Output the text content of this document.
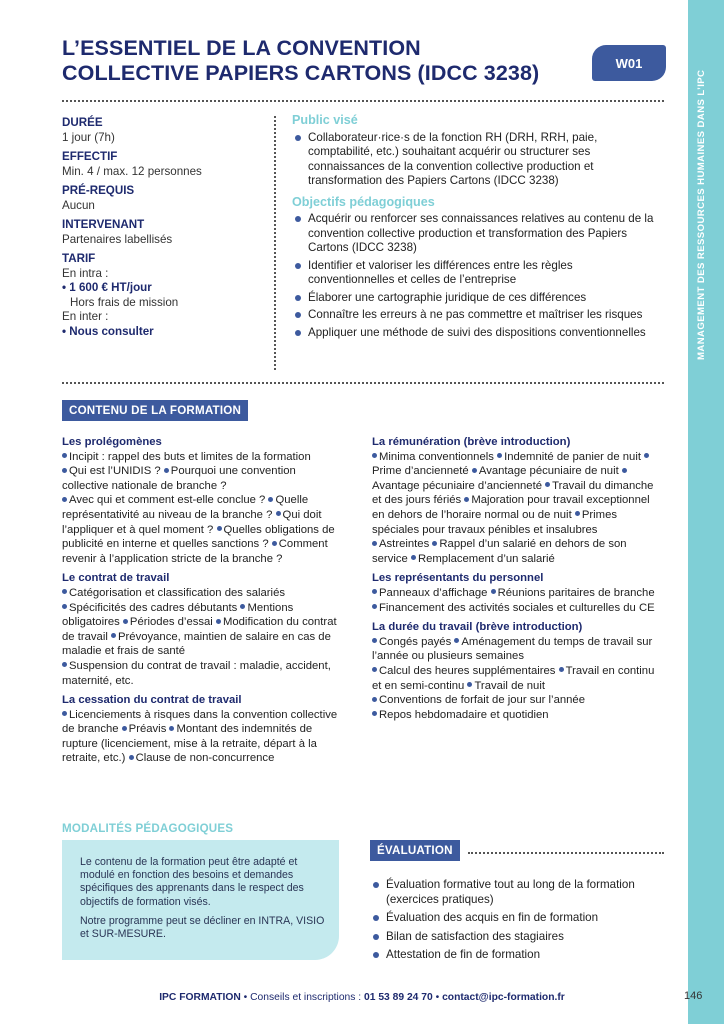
MANAGEMENT DES RESSOURCES HUMAINES DANS L’IPC
L’ESSENTIEL DE LA CONVENTION
COLLECTIVE PAPIERS CARTONS (IDCC 3238)	W01
DURÉE
1 jour (7h)
EFFECTIF
Min. 4 / max. 12 personnes
PRÉ-REQUIS
Aucun
INTERVENANT
Partenaires labellisés
TARIF
En intra :
• 1 600 € HT/jour
Hors frais de mission
En inter :
• Nous consulter
Public visé
Collaborateur·rice·s de la fonction RH (DRH, RRH, paie, comptabilité, etc.) souhaitant acquérir ou structurer ses connaissances de la convention collective production et transformation des Papiers Cartons (IDCC 3238)
Objectifs pédagogiques
Acquérir ou renforcer ses connaissances relatives au contenu de la convention collective production et transformation des Papiers Cartons (IDCC 3238)
Identifier et valoriser les différences entre les règles conventionnelles et celles de l’entreprise
Élaborer une cartographie juridique de ces différences
Connaître les erreurs à ne pas commettre et maîtriser les risques
Appliquer une méthode de suivi des dispositions conventionnelles
CONTENU DE LA FORMATION
Les prolégomènes

Incipit : rappel des buts et limites de la formation
Qui est l’UNIDIS ? Pourquoi une convention collective nationale de branche ?
Avec qui et comment est-elle conclue ? Quelle représentativité au niveau de la branche ? Qui doit l’appliquer et à quel moment ? Quelles obligations de publicité en interne et quelles sanctions ? Comment revenir à l’application stricte de la branche ?

Le contrat de travail

Catégorisation et classification des salariés
Spécificités des cadres débutants Mentions obligatoires Périodes d’essai Modification du contrat de travail Prévoyance, maintien de salaire en cas de maladie et frais de santé
Suspension du contrat de travail : maladie, accident, maternité, etc.

La cessation du contrat de travail

Licenciements à risques dans la convention collective de branche Préavis Montant des indemnités de rupture (licenciement, mise à la retraite, départ à la retraite, etc.) Clause de non-concurrence

La rémunération (brève introduction)

Minima conventionnels Indemnité de panier de nuit Prime d’ancienneté Avantage pécuniaire de nuit Avantage pécuniaire d’ancienneté Travail du dimanche et des jours fériés Majoration pour travail exceptionnel en dehors de l’horaire normal ou de nuit Primes spéciales pour travaux pénibles et insalubres
Astreintes Rappel d’un salarié en dehors de son service Remplacement d’un salarié

Les représentants du personnel

Panneaux d’affichage Réunions paritaires de branche Financement des activités sociales et culturelles du CE

La durée du travail (brève introduction)

Congés payés Aménagement du temps de travail sur l’année ou plusieurs semaines
Calcul des heures supplémentaires Travail en continu et en semi-continu Travail de nuit
Conventions de forfait de jour sur l’année
Repos hebdomadaire et quotidien

MODALITÉS PÉDAGOGIQUES

Le contenu de la formation peut être adapté et modulé en fonction des besoins et demandes spécifiques des apprenants dans le respect des objectifs de formation visés.

Notre programme peut se décliner en INTRA, VISIO et SUR-MESURE.

ÉVALUATION
Évaluation formative tout au long de la formation (exercices pratiques)
Évaluation des acquis en fin de formation
Bilan de satisfaction des stagiaires
Attestation de fin de formation
IPC FORMATION • Conseils et inscriptions : 01 53 89 24 70 • contact@ipc-formation.fr	146
